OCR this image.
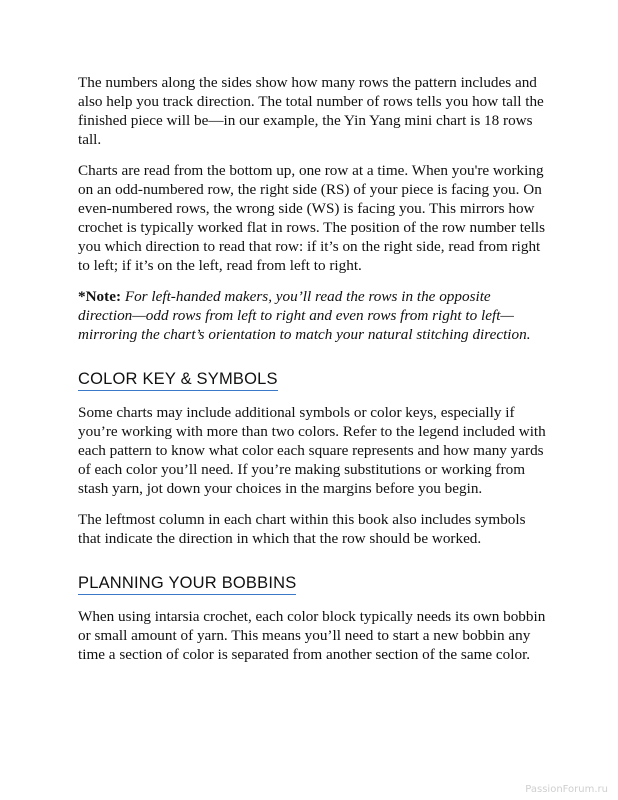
The numbers along the sides show how many rows the pattern includes and also help you track direction. The total number of rows tells you how tall the finished piece will be—in our example, the Yin Yang mini chart is 18 rows tall.

Charts are read from the bottom up, one row at a time. When you're working on an odd-numbered row, the right side (RS) of your piece is facing you. On even-numbered rows, the wrong side (WS) is facing you. This mirrors how crochet is typically worked flat in rows. The position of the row number tells you which direction to read that row: if it’s on the right side, read from right to left; if it’s on the left, read from left to right.

*Note: For left-handed makers, you’ll read the rows in the opposite direction—odd rows from left to right and even rows from right to left—mirroring the chart’s orientation to match your natural stitching direction.

COLOR KEY & SYMBOLS

Some charts may include additional symbols or color keys, especially if you’re working with more than two colors. Refer to the legend included with each pattern to know what color each square represents and how many yards of each color you’ll need. If you’re making substitutions or working from stash yarn, jot down your choices in the margins before you begin.

The leftmost column in each chart within this book also includes symbols that indicate the direction in which that the row should be worked.

PLANNING YOUR BOBBINS

When using intarsia crochet, each color block typically needs its own bobbin or small amount of yarn. This means you’ll need to start a new bobbin any time a section of color is separated from another section of the same color.

PassionForum.ru
